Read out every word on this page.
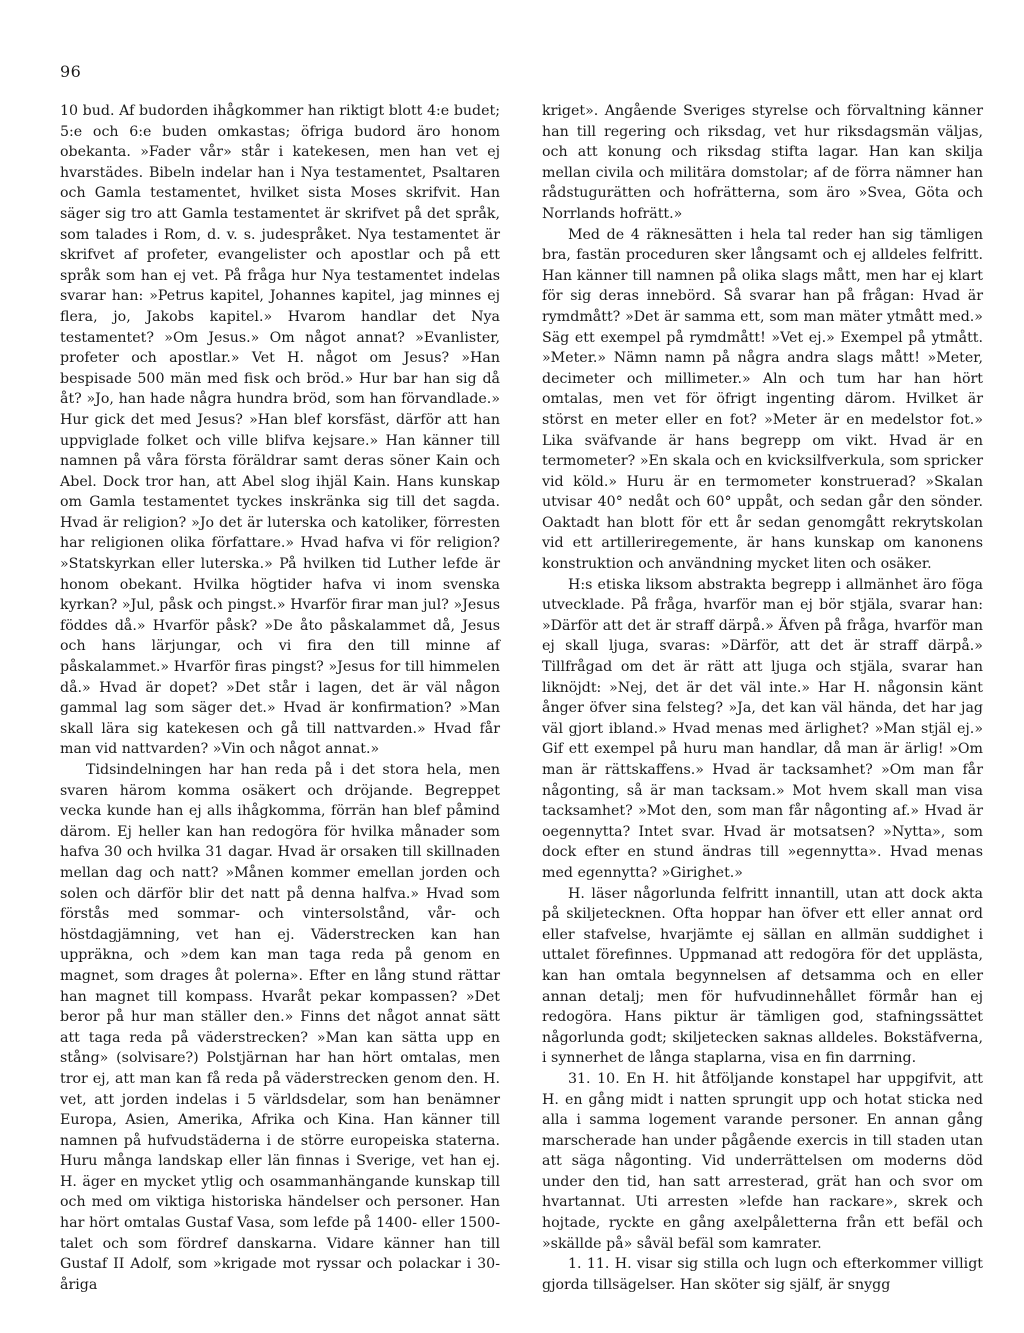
96

10 bud. Af budorden ihågkommer han riktigt blott 4:e budet; 5:e och 6:e buden omkastas; öfriga budord äro honom obekanta. »Fader vår» står i katekesen, men han vet ej hvarstädes. Bibeln indelar han i Nya testamentet, Psaltaren och Gamla testamentet, hvilket sista Moses skrifvit. Han säger sig tro att Gamla testamentet är skrifvet på det språk, som talades i Rom, d. v. s. judespråket. Nya testamentet är skrifvet af profeter, evangelister och apostlar och på ett språk som han ej vet. På fråga hur Nya testamentet indelas svarar han: »Petrus kapitel, Johannes kapitel, jag minnes ej flera, jo, Jakobs kapitel.» Hvarom handlar det Nya testamentet? »Om Jesus.» Om något annat? »Evanlister, profeter och apostlar.» Vet H. något om Jesus? »Han bespisade 500 män med fisk och bröd.» Hur bar han sig då åt? »Jo, han hade några hundra bröd, som han förvandlade.» Hur gick det med Jesus? »Han blef korsfäst, därför att han uppviglade folket och ville blifva kejsare.» Han känner till namnen på våra första föräldrar samt deras söner Kain och Abel. Dock tror han, att Abel slog ihjäl Kain. Hans kunskap om Gamla testamentet tyckes inskränka sig till det sagda. Hvad är religion? »Jo det är luterska och katoliker, förresten har religionen olika författare.» Hvad hafva vi för religion? »Statskyrkan eller luterska.» På hvilken tid Luther lefde är honom obekant. Hvilka högtider hafva vi inom svenska kyrkan? »Jul, påsk och pingst.» Hvarför firar man jul? »Jesus föddes då.» Hvarför påsk? »De åto påskalammet då, Jesus och hans lärjungar, och vi fira den till minne af påskalammet.» Hvarför firas pingst? »Jesus for till himmelen då.» Hvad är dopet? »Det står i lagen, det är väl någon gammal lag som säger det.» Hvad är konfirmation? »Man skall lära sig katekesen och gå till nattvarden.» Hvad får man vid nattvarden? »Vin och något annat.»

Tidsindelningen har han reda på i det stora hela, men svaren härom komma osäkert och dröjande. Begreppet vecka kunde han ej alls ihågkomma, förrän han blef påmind därom. Ej heller kan han redogöra för hvilka månader som hafva 30 och hvilka 31 dagar. Hvad är orsaken till skillnaden mellan dag och natt? »Månen kommer emellan jorden och solen och därför blir det natt på denna halfva.» Hvad som förstås med sommar- och vintersolstånd, vår- och höstdagjämning, vet han ej. Väderstrecken kan han uppräkna, och »dem kan man taga reda på genom en magnet, som drages åt polerna». Efter en lång stund rättar han magnet till kompass. Hvaråt pekar kompassen? »Det beror på hur man ställer den.» Finns det något annat sätt att taga reda på väderstrecken? »Man kan sätta upp en stång» (solvisare?) Polstjärnan har han hört omtalas, men tror ej, att man kan få reda på väderstrecken genom den. H. vet, att jorden indelas i 5 världsdelar, som han benämner Europa, Asien, Amerika, Afrika och Kina. Han känner till namnen på hufvudstäderna i de större europeiska staterna. Huru många landskap eller län finnas i Sverige, vet han ej. H. äger en mycket ytlig och osammanhängande kunskap till och med om viktiga historiska händelser och personer. Han har hört omtalas Gustaf Vasa, som lefde på 1400- eller 1500-talet och som fördref danskarna. Vidare känner han till Gustaf II Adolf, som »krigade mot ryssar och polackar i 30-åriga

kriget». Angående Sveriges styrelse och förvaltning känner han till regering och riksdag, vet hur riksdagsmän väljas, och att konung och riksdag stifta lagar. Han kan skilja mellan civila och militära domstolar; af de förra nämner han rådstugurätten och hofrätterna, som äro »Svea, Göta och Norrlands hofrätt.»

Med de 4 räknesätten i hela tal reder han sig tämligen bra, fastän proceduren sker långsamt och ej alldeles felfritt. Han känner till namnen på olika slags mått, men har ej klart för sig deras innebörd. Så svarar han på frågan: Hvad är rymdmått? »Det är samma ett, som man mäter ytmått med.» Säg ett exempel på rymdmått! »Vet ej.» Exempel på ytmått. »Meter.» Nämn namn på några andra slags mått! »Meter, decimeter och millimeter.» Aln och tum har han hört omtalas, men vet för öfrigt ingenting därom. Hvilket är störst en meter eller en fot? »Meter är en medelstor fot.» Lika sväfvande är hans begrepp om vikt. Hvad är en termometer? »En skala och en kvicksilfverkula, som spricker vid köld.» Huru är en termometer konstruerad? »Skalan utvisar 40° nedåt och 60° uppåt, och sedan går den sönder. Oaktadt han blott för ett år sedan genomgått rekrytskolan vid ett artilleriregemente, är hans kunskap om kanonens konstruktion och användning mycket liten och osäker.

H:s etiska liksom abstrakta begrepp i allmänhet äro föga utvecklade. På fråga, hvarför man ej bör stjäla, svarar han: »Därför att det är straff därpå.» Äfven på fråga, hvarför man ej skall ljuga, svaras: »Därför, att det är straff därpå.» Tillfrågad om det är rätt att ljuga och stjäla, svarar han liknöjdt: »Nej, det är det väl inte.» Har H. någonsin känt ånger öfver sina felsteg? »Ja, det kan väl hända, det har jag väl gjort ibland.» Hvad menas med ärlighet? »Man stjäl ej.» Gif ett exempel på huru man handlar, då man är ärlig! »Om man är rättskaffens.» Hvad är tacksamhet? »Om man får någonting, så är man tacksam.» Mot hvem skall man visa tacksamhet? »Mot den, som man får någonting af.» Hvad är oegennytta? Intet svar. Hvad är motsatsen? »Nytta», som dock efter en stund ändras till »egennytta». Hvad menas med egennytta? »Girighet.»

H. läser någorlunda felfritt innantill, utan att dock akta på skiljetecknen. Ofta hoppar han öfver ett eller annat ord eller stafvelse, hvarjämte ej sällan en allmän suddighet i uttalet förefinnes. Uppmanad att redogöra för det upplästa, kan han omtala begynnelsen af detsamma och en eller annan detalj; men för hufvudinnehållet förmår han ej redogöra. Hans piktur är tämligen god, stafningssättet någorlunda godt; skiljetecken saknas alldeles. Bokstäfverna, i synnerhet de långa staplarna, visa en fin darrning.

31. 10. En H. hit åtföljande konstapel har uppgifvit, att H. en gång midt i natten sprungit upp och hotat sticka ned alla i samma logement varande personer. En annan gång marscherade han under pågående exercis in till staden utan att säga någonting. Vid underrättelsen om moderns död under den tid, han satt arresterad, grät han och svor om hvartannat. Uti arresten »lefde han rackare», skrek och hojtade, ryckte en gång axelpåletterna från ett befäl och »skällde på» såväl befäl som kamrater.

1. 11. H. visar sig stilla och lugn och efterkommer villigt gjorda tillsägelser. Han sköter sig själf, är snygg
